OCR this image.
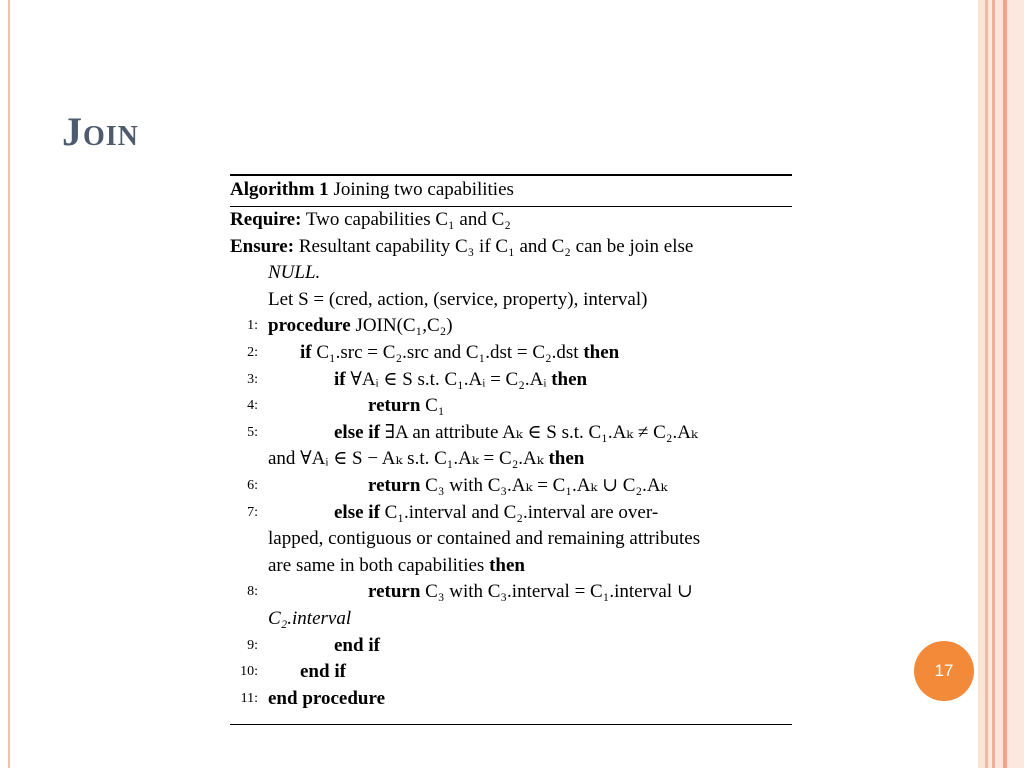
Join
Algorithm 1 Joining two capabilities
Require: Two capabilities C₁ and C₂
Ensure: Resultant capability C₃ if C₁ and C₂ can be join else
NULL.
Let S = (cred, action, (service, property), interval)
1: procedure JOIN(C₁,C₂)
2:	if C₁.src = C₂.src and C₁.dst = C₂.dst then
3:	if ∀Aᵢ ∈ S s.t. C₁.Aᵢ = C₂.Aᵢ then
4:	return C₁
5:	else if ∃A an attribute Aₖ ∈ S s.t. C₁.Aₖ ≠ C₂.Aₖ
and ∀Aᵢ ∈ S − Aₖ s.t. C₁.Aₖ = C₂.Aₖ
then
6:	return C₃ with C₃.Aₖ = C₁.Aₖ ∪ C₂.Aₖ
7:	else if C₁.interval and C₂.interval are over-
lapped, contiguous or contained and remaining attributes
are same in both capabilities
then
8:	return C₃ with C₃.interval = C₁.interval ∪
C₂.interval
9:	end if
10:	end if
11: end procedure
17
